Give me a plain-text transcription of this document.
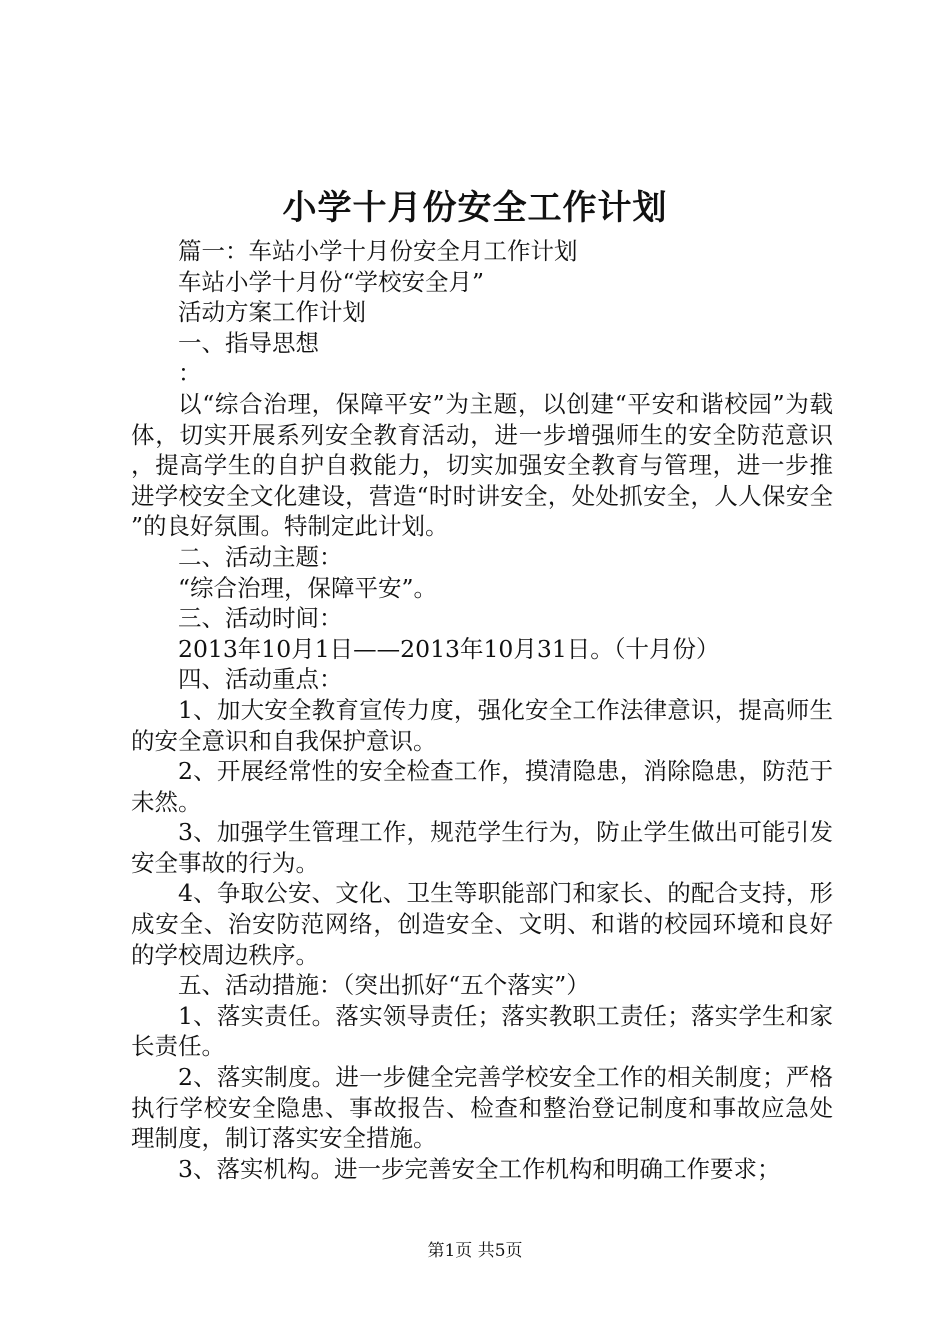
小学十月份安全工作计划

篇一：车站小学十月份安全月工作计划

车站小学十月份“学校安全月”

活动方案工作计划

一、指导思想

：

以“综合治理，保障平安”为主题，以创建“平安和谐校园”为载体，切实开展系列安全教育活动，进一步增强师生的安全防范意识，提高学生的自护自救能力，切实加强安全教育与管理，进一步推进学校安全文化建设，营造“时时讲安全，处处抓安全，人人保安全”的良好氛围。特制定此计划。

二、活动主题：

“综合治理，保障平安”。

三、活动时间：

2013年10月1日——2013年10月31日。（十月份）

四、活动重点：

1、加大安全教育宣传力度，强化安全工作法律意识，提高师生的安全意识和自我保护意识。

2、开展经常性的安全检查工作，摸清隐患，消除隐患，防范于未然。

3、加强学生管理工作，规范学生行为，防止学生做出可能引发安全事故的行为。

4、争取公安、文化、卫生等职能部门和家长、的配合支持，形成安全、治安防范网络，创造安全、文明、和谐的校园环境和良好的学校周边秩序。

五、活动措施：（突出抓好“五个落实”）

1、落实责任。落实领导责任；落实教职工责任；落实学生和家长责任。

2、落实制度。进一步健全完善学校安全工作的相关制度；严格执行学校安全隐患、事故报告、检查和整治登记制度和事故应急处理制度，制订落实安全措施。

3、落实机构。进一步完善安全工作机构和明确工作要求；

第1页 共5页
